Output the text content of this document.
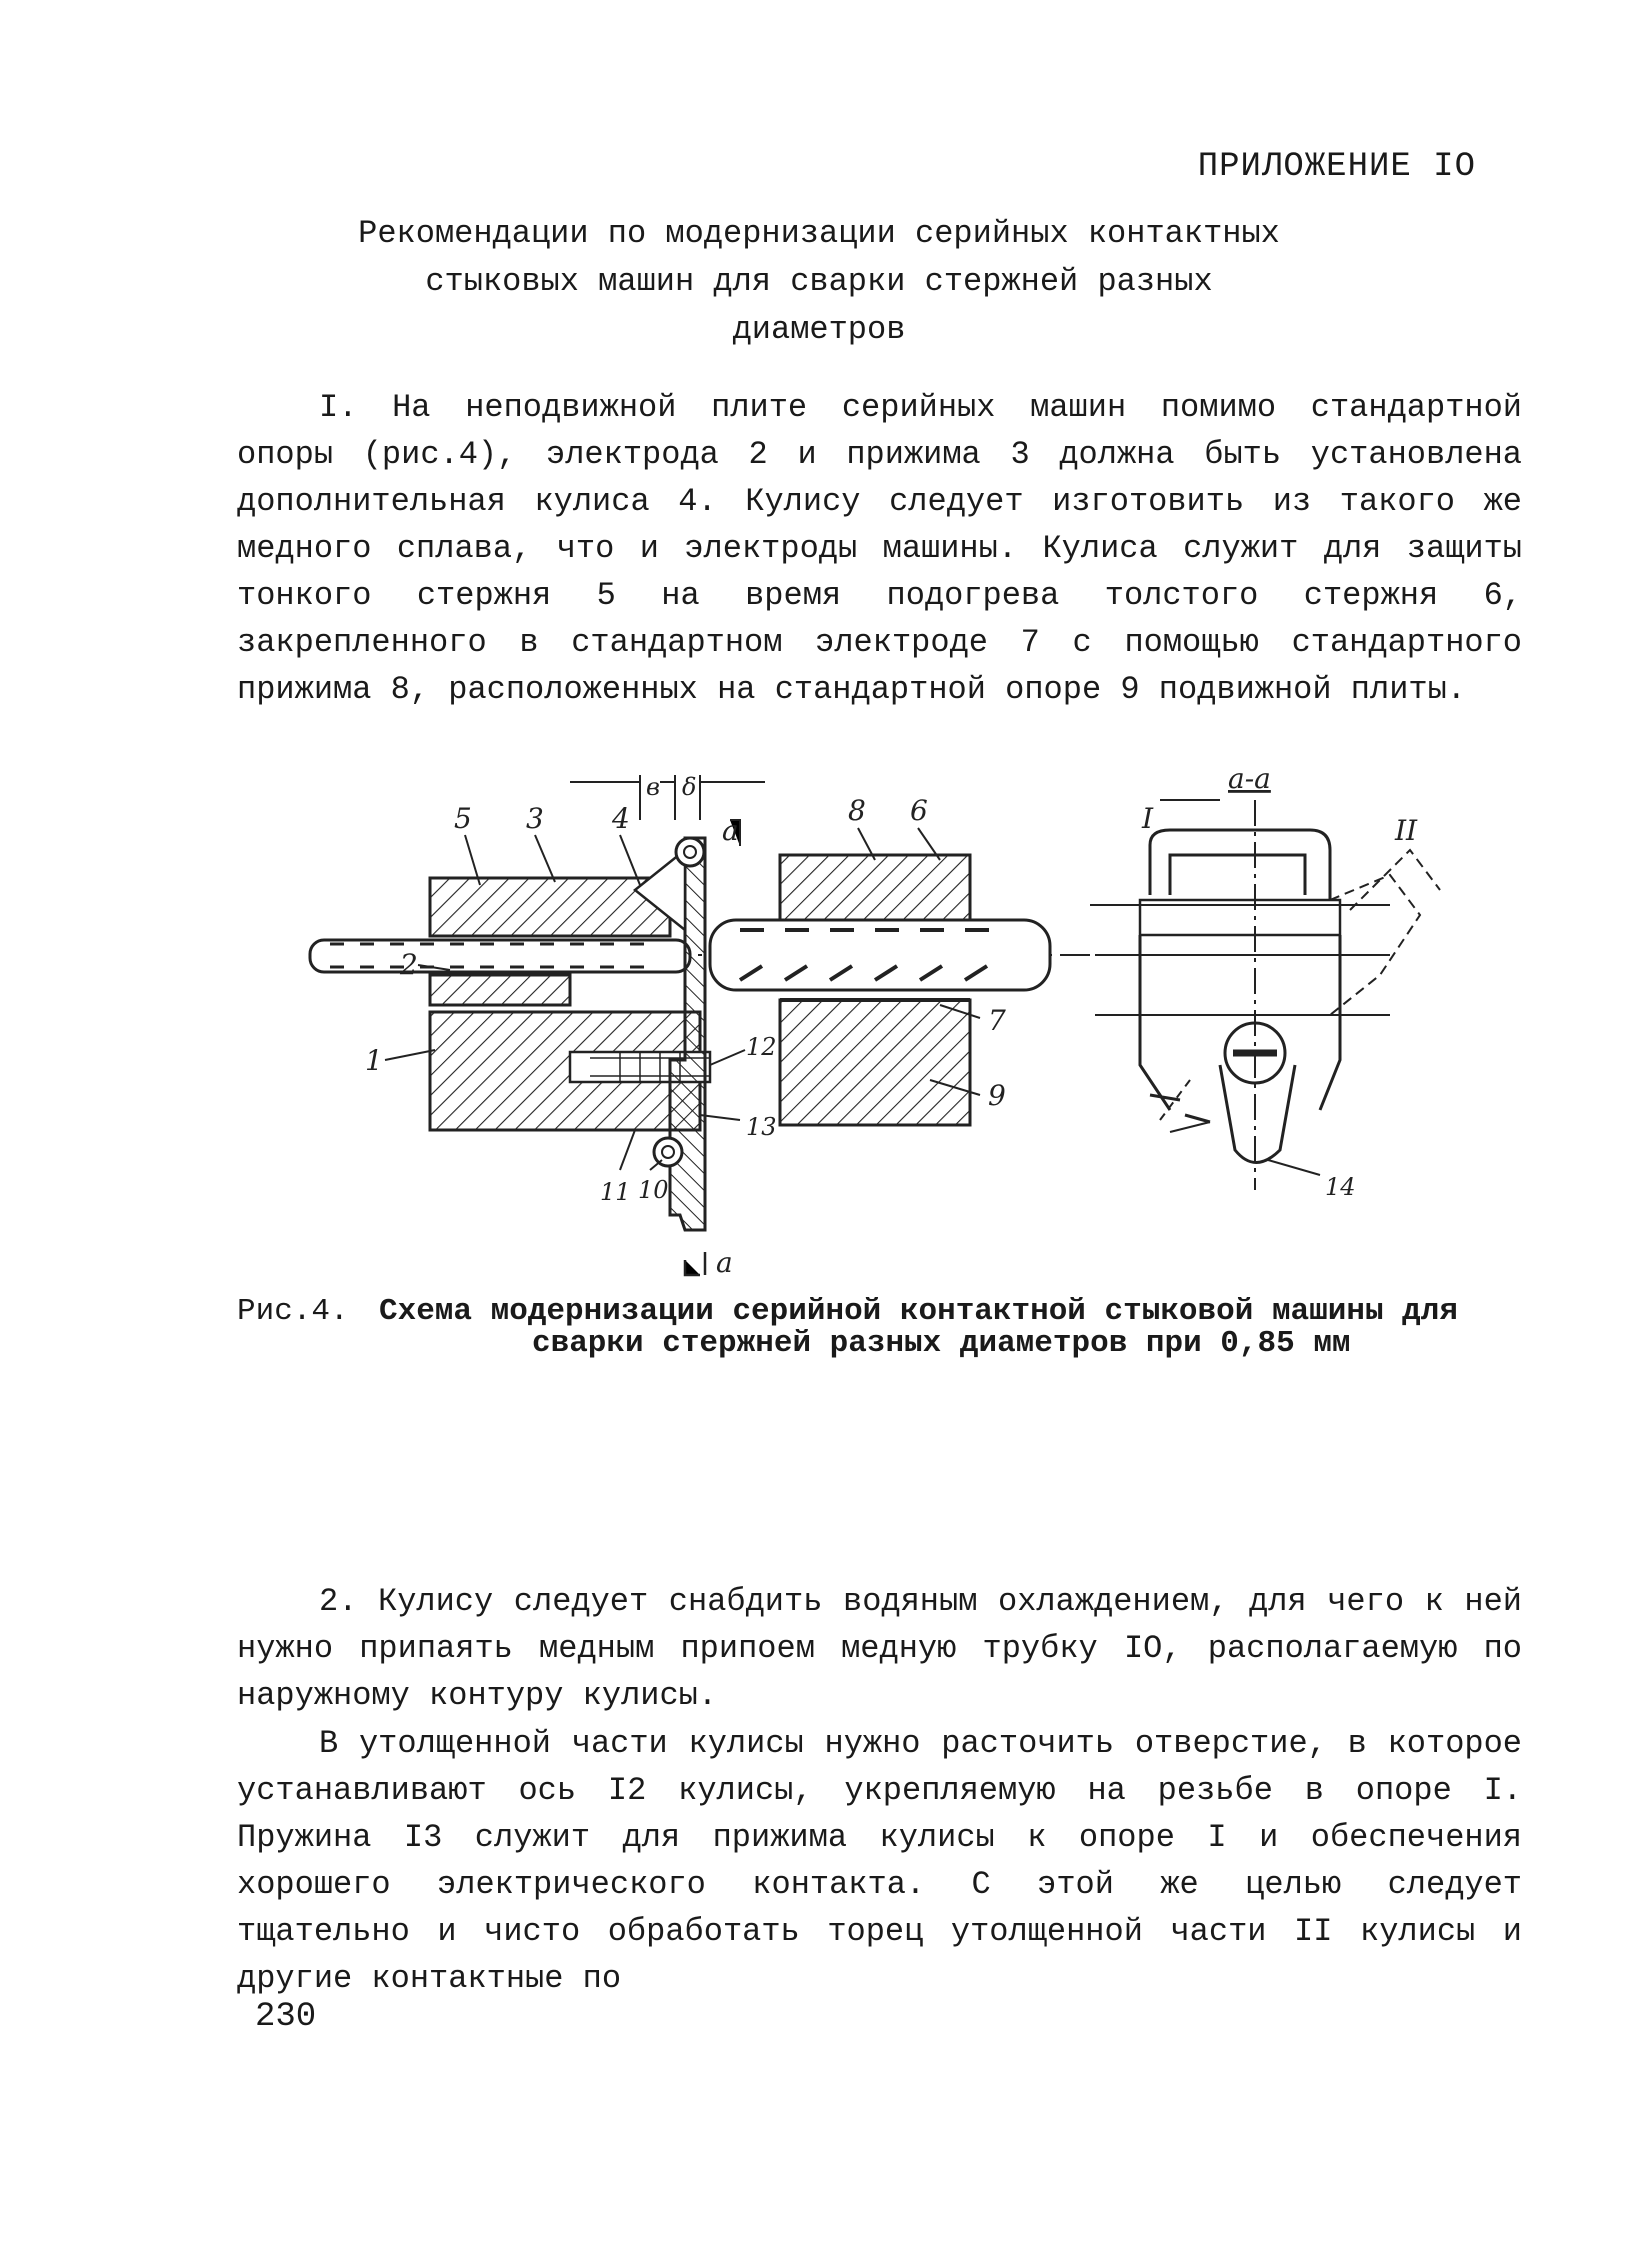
ПРИЛОЖЕНИЕ IO
Рекомендации по модернизации серийных контактных
стыковых машин для сварки стержней разных
диаметров

I. На неподвижной плите серийных машин помимо стандартной опоры (рис.4), электрода 2 и прижима 3 должна быть установлена дополнительная кулиса 4. Кулису следует изготовить из такого же медного сплава, что и электроды машины. Кулиса служит для защиты тонкого стержня 5 на время подогрева толстого стержня 6, закрепленного в стандартном электроде 7 с помощью стандартного прижима 8, расположенных на стандартной опоре 9 подвижной плиты.

5 3 4
в δ
а
8 6
2
1	12
7
9
13
11 10
а
а-а
I	II
14
Рис.4. Схема модернизации серийной контактной стыковой машины для
сварки стержней разных диаметров при 0,85 мм

2. Кулису следует снабдить водяным охлаждением, для чего к ней нужно припаять медным припоем медную трубку IO, располагаемую по наружному контуру кулисы.

В утолщенной части кулисы нужно расточить отверстие, в которое устанавливают ось I2 кулисы, укрепляемую на резьбе в опоре I. Пружина I3 служит для прижима кулисы к опоре I и обеспечения хорошего электрического контакта. С этой же целью следует тщательно и чисто обработать торец утолщенной части II кулисы и другие контактные по

230
